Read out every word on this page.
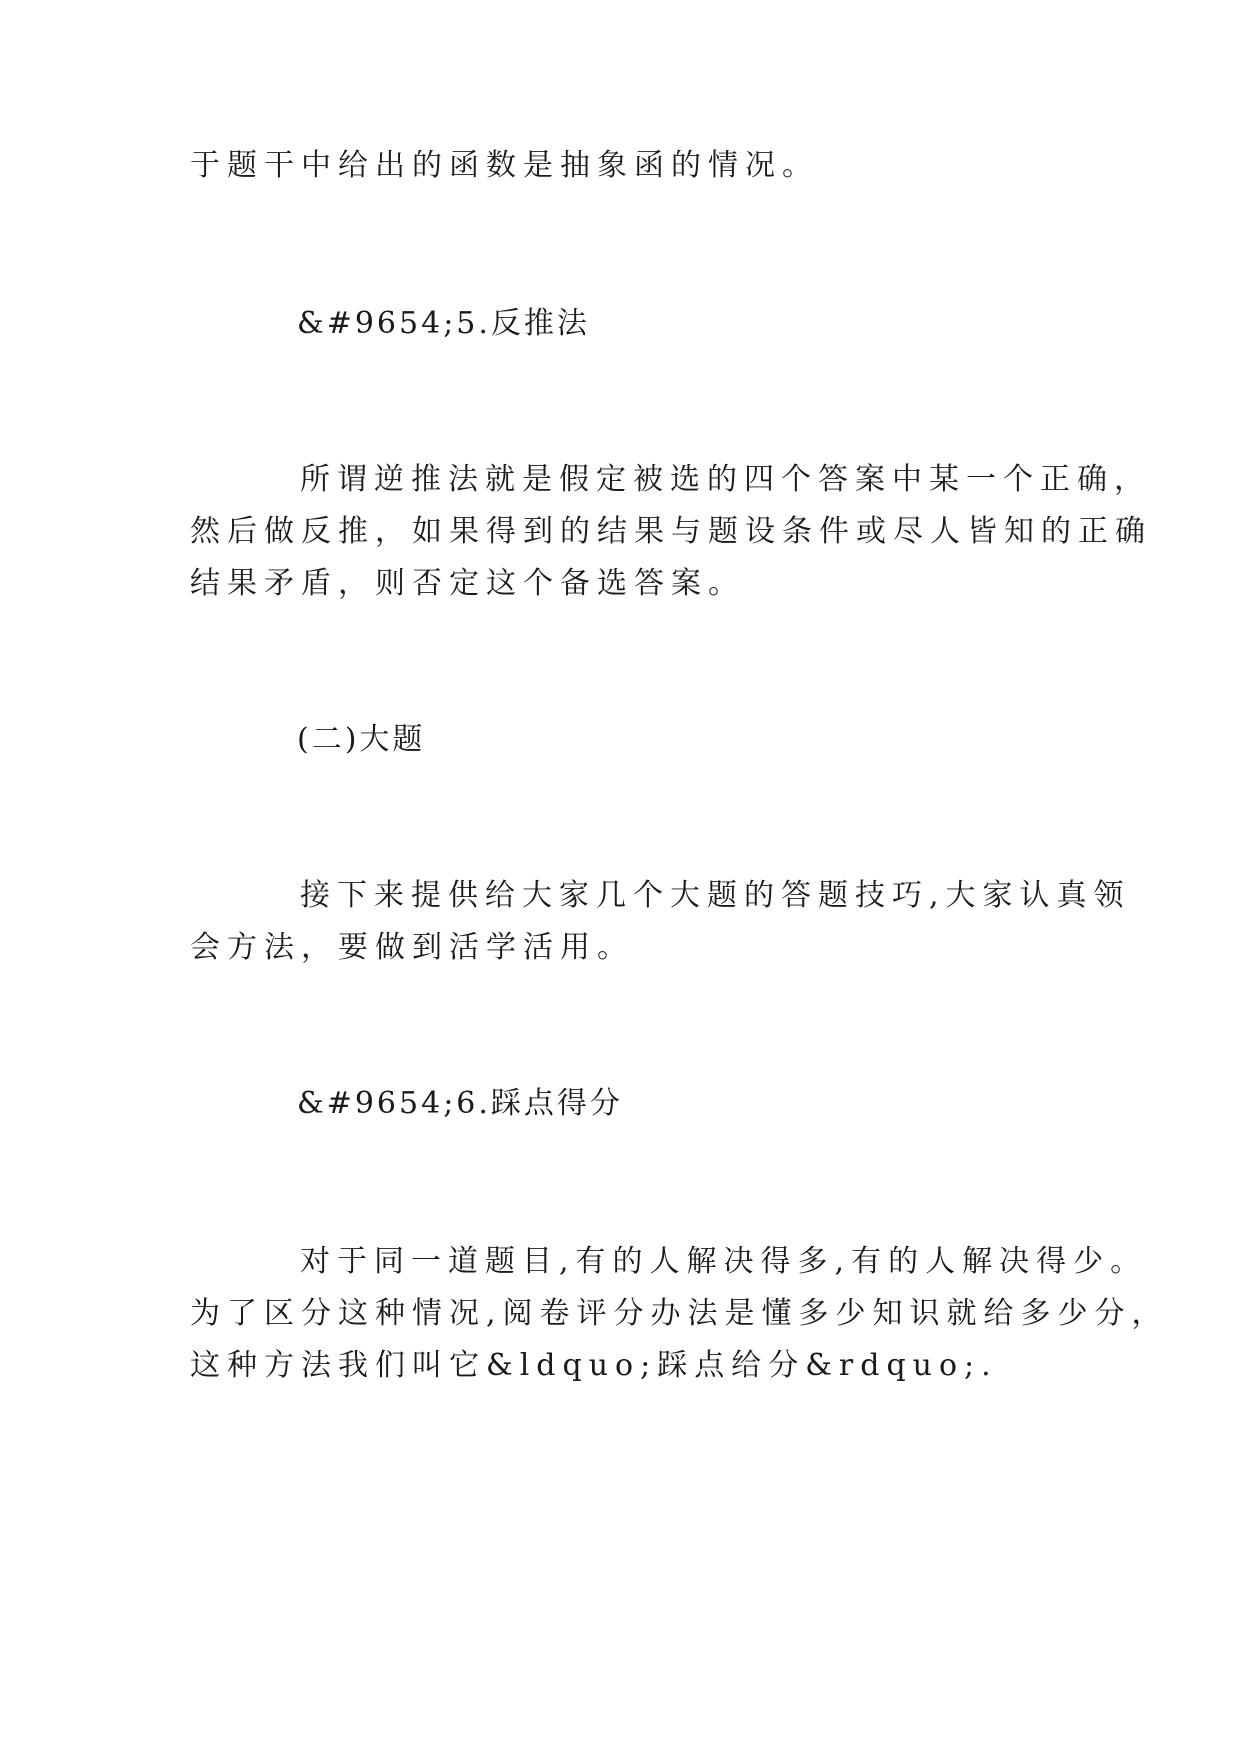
于题干中给出的函数是抽象函的情况。
&#9654;5.反推法
所谓逆推法就是假定被选的四个答案中某一个正确，
然后做反推，如果得到的结果与题设条件或尽人皆知的正确
结果矛盾，则否定这个备选答案。
(二)大题
接下来提供给大家几个大题的答题技巧,大家认真领
会方法，要做到活学活用。
&#9654;6.踩点得分
对于同一道题目,有的人解决得多,有的人解决得少。
为了区分这种情况,阅卷评分办法是懂多少知识就给多少分，
这种方法我们叫它&ldquo;踩点给分&rdquo;.
